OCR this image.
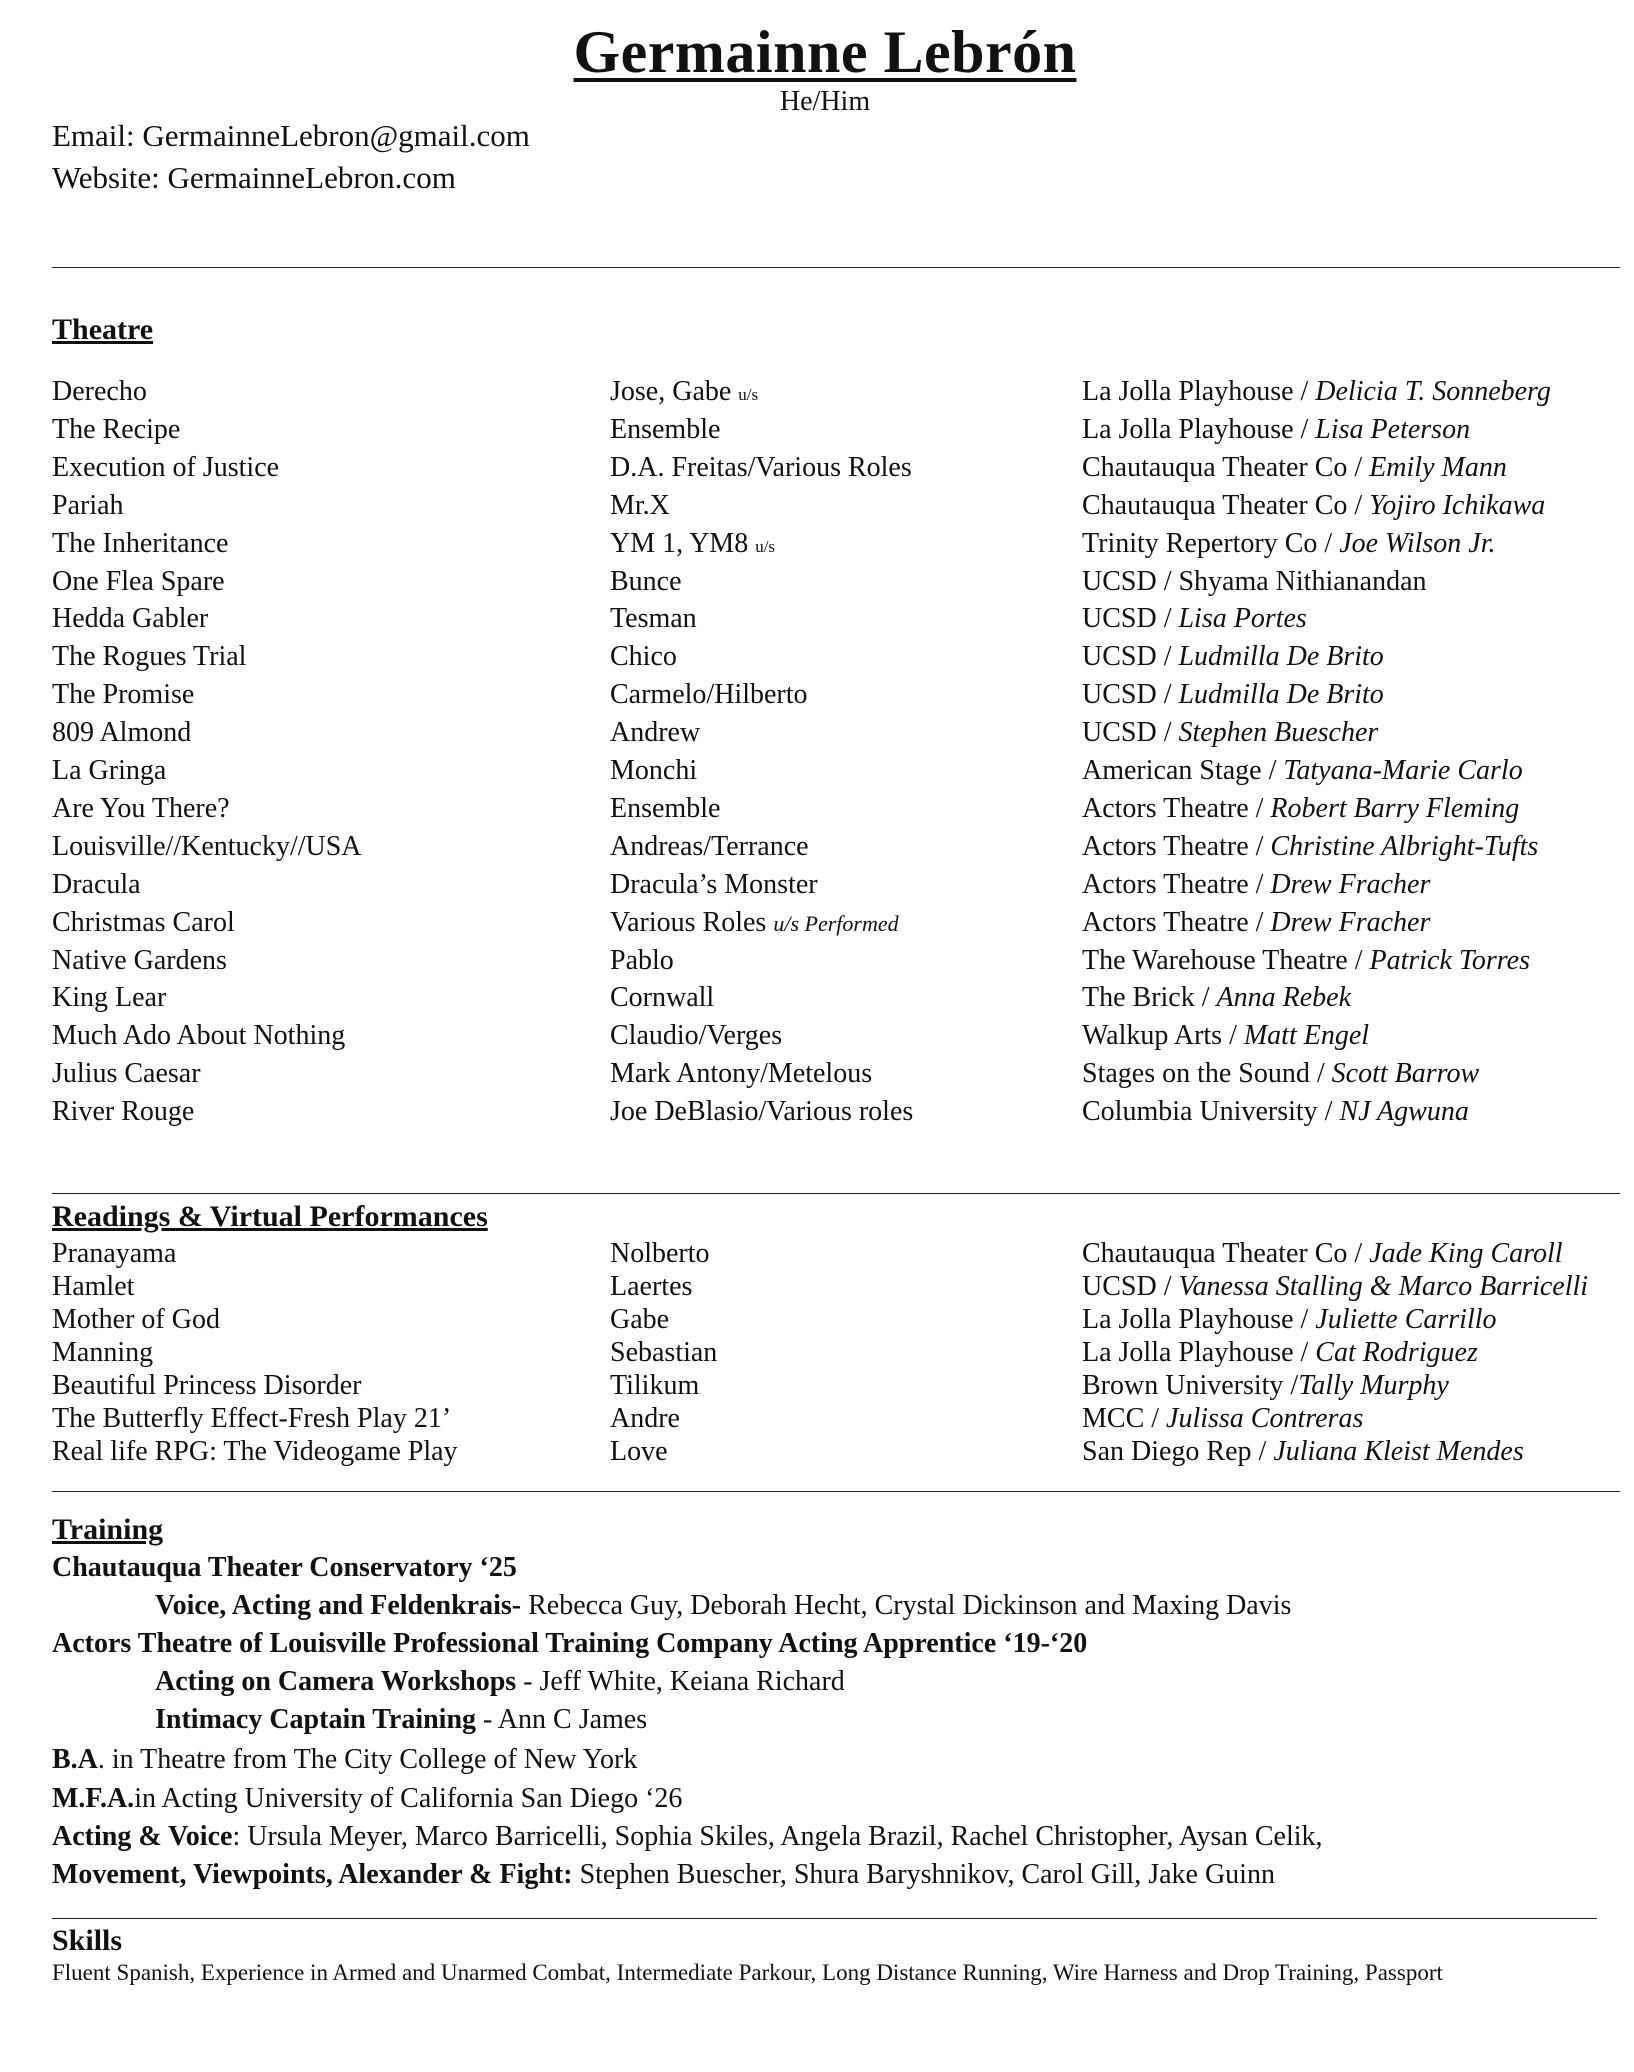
Germainne Lebrón
He/Him
Email: GermainneLebron@gmail.com
Website: GermainneLebron.com
Theatre
Derecho	Jose, Gabe u/s	La Jolla Playhouse / Delicia T. Sonneberg
The Recipe	Ensemble	La Jolla Playhouse / Lisa Peterson
Execution of Justice	D.A. Freitas/Various Roles	Chautauqua Theater Co / Emily Mann
Pariah	Mr.X	Chautauqua Theater Co / Yojiro Ichikawa
The Inheritance	YM 1, YM8 u/s	Trinity Repertory Co / Joe Wilson Jr.
One Flea Spare	Bunce	UCSD / Shyama Nithianandan
Hedda Gabler	Tesman	UCSD / Lisa Portes
The Rogues Trial	Chico	UCSD / Ludmilla De Brito
The Promise	Carmelo/Hilberto	UCSD / Ludmilla De Brito
809 Almond	Andrew	UCSD / Stephen Buescher
La Gringa	Monchi	American Stage / Tatyana-Marie Carlo
Are You There?	Ensemble	Actors Theatre / Robert Barry Fleming
Louisville//Kentucky//USA	Andreas/Terrance	Actors Theatre / Christine Albright-Tufts
Dracula	Dracula’s Monster	Actors Theatre / Drew Fracher
Christmas Carol	Various Roles u/s Performed	Actors Theatre / Drew Fracher
Native Gardens	Pablo	The Warehouse Theatre / Patrick Torres
King Lear	Cornwall	The Brick / Anna Rebek
Much Ado About Nothing	Claudio/Verges	Walkup Arts / Matt Engel
Julius Caesar	Mark Antony/Metelous	Stages on the Sound / Scott Barrow
River Rouge	Joe DeBlasio/Various roles	Columbia University / NJ Agwuna
Readings & Virtual Performances
Pranayama	Nolberto	Chautauqua Theater Co / Jade King Caroll
Hamlet	Laertes	UCSD / Vanessa Stalling & Marco Barricelli
Mother of God	Gabe	La Jolla Playhouse / Juliette Carrillo
Manning	Sebastian	La Jolla Playhouse / Cat Rodriguez
Beautiful Princess Disorder	Tilikum	Brown University /Tally Murphy
The Butterfly Effect-Fresh Play 21’	Andre	MCC / Julissa Contreras
Real life RPG: The Videogame Play	Love	San Diego Rep / Juliana Kleist Mendes
Training
Chautauqua Theater Conservatory ‘25
Voice, Acting and Feldenkrais- Rebecca Guy, Deborah Hecht, Crystal Dickinson and Maxing Davis
Actors Theatre of Louisville Professional Training Company Acting Apprentice ‘19-‘20
Acting on Camera Workshops - Jeff White, Keiana Richard
Intimacy Captain Training - Ann C James
B.A. in Theatre from The City College of New York
M.F.A.in Acting University of California San Diego ‘26
Acting & Voice: Ursula Meyer, Marco Barricelli, Sophia Skiles, Angela Brazil, Rachel Christopher, Aysan Celik,
Movement, Viewpoints, Alexander & Fight: Stephen Buescher, Shura Baryshnikov, Carol Gill, Jake Guinn
Skills
Fluent Spanish, Experience in Armed and Unarmed Combat, Intermediate Parkour, Long Distance Running, Wire Harness and Drop Training, Passport
